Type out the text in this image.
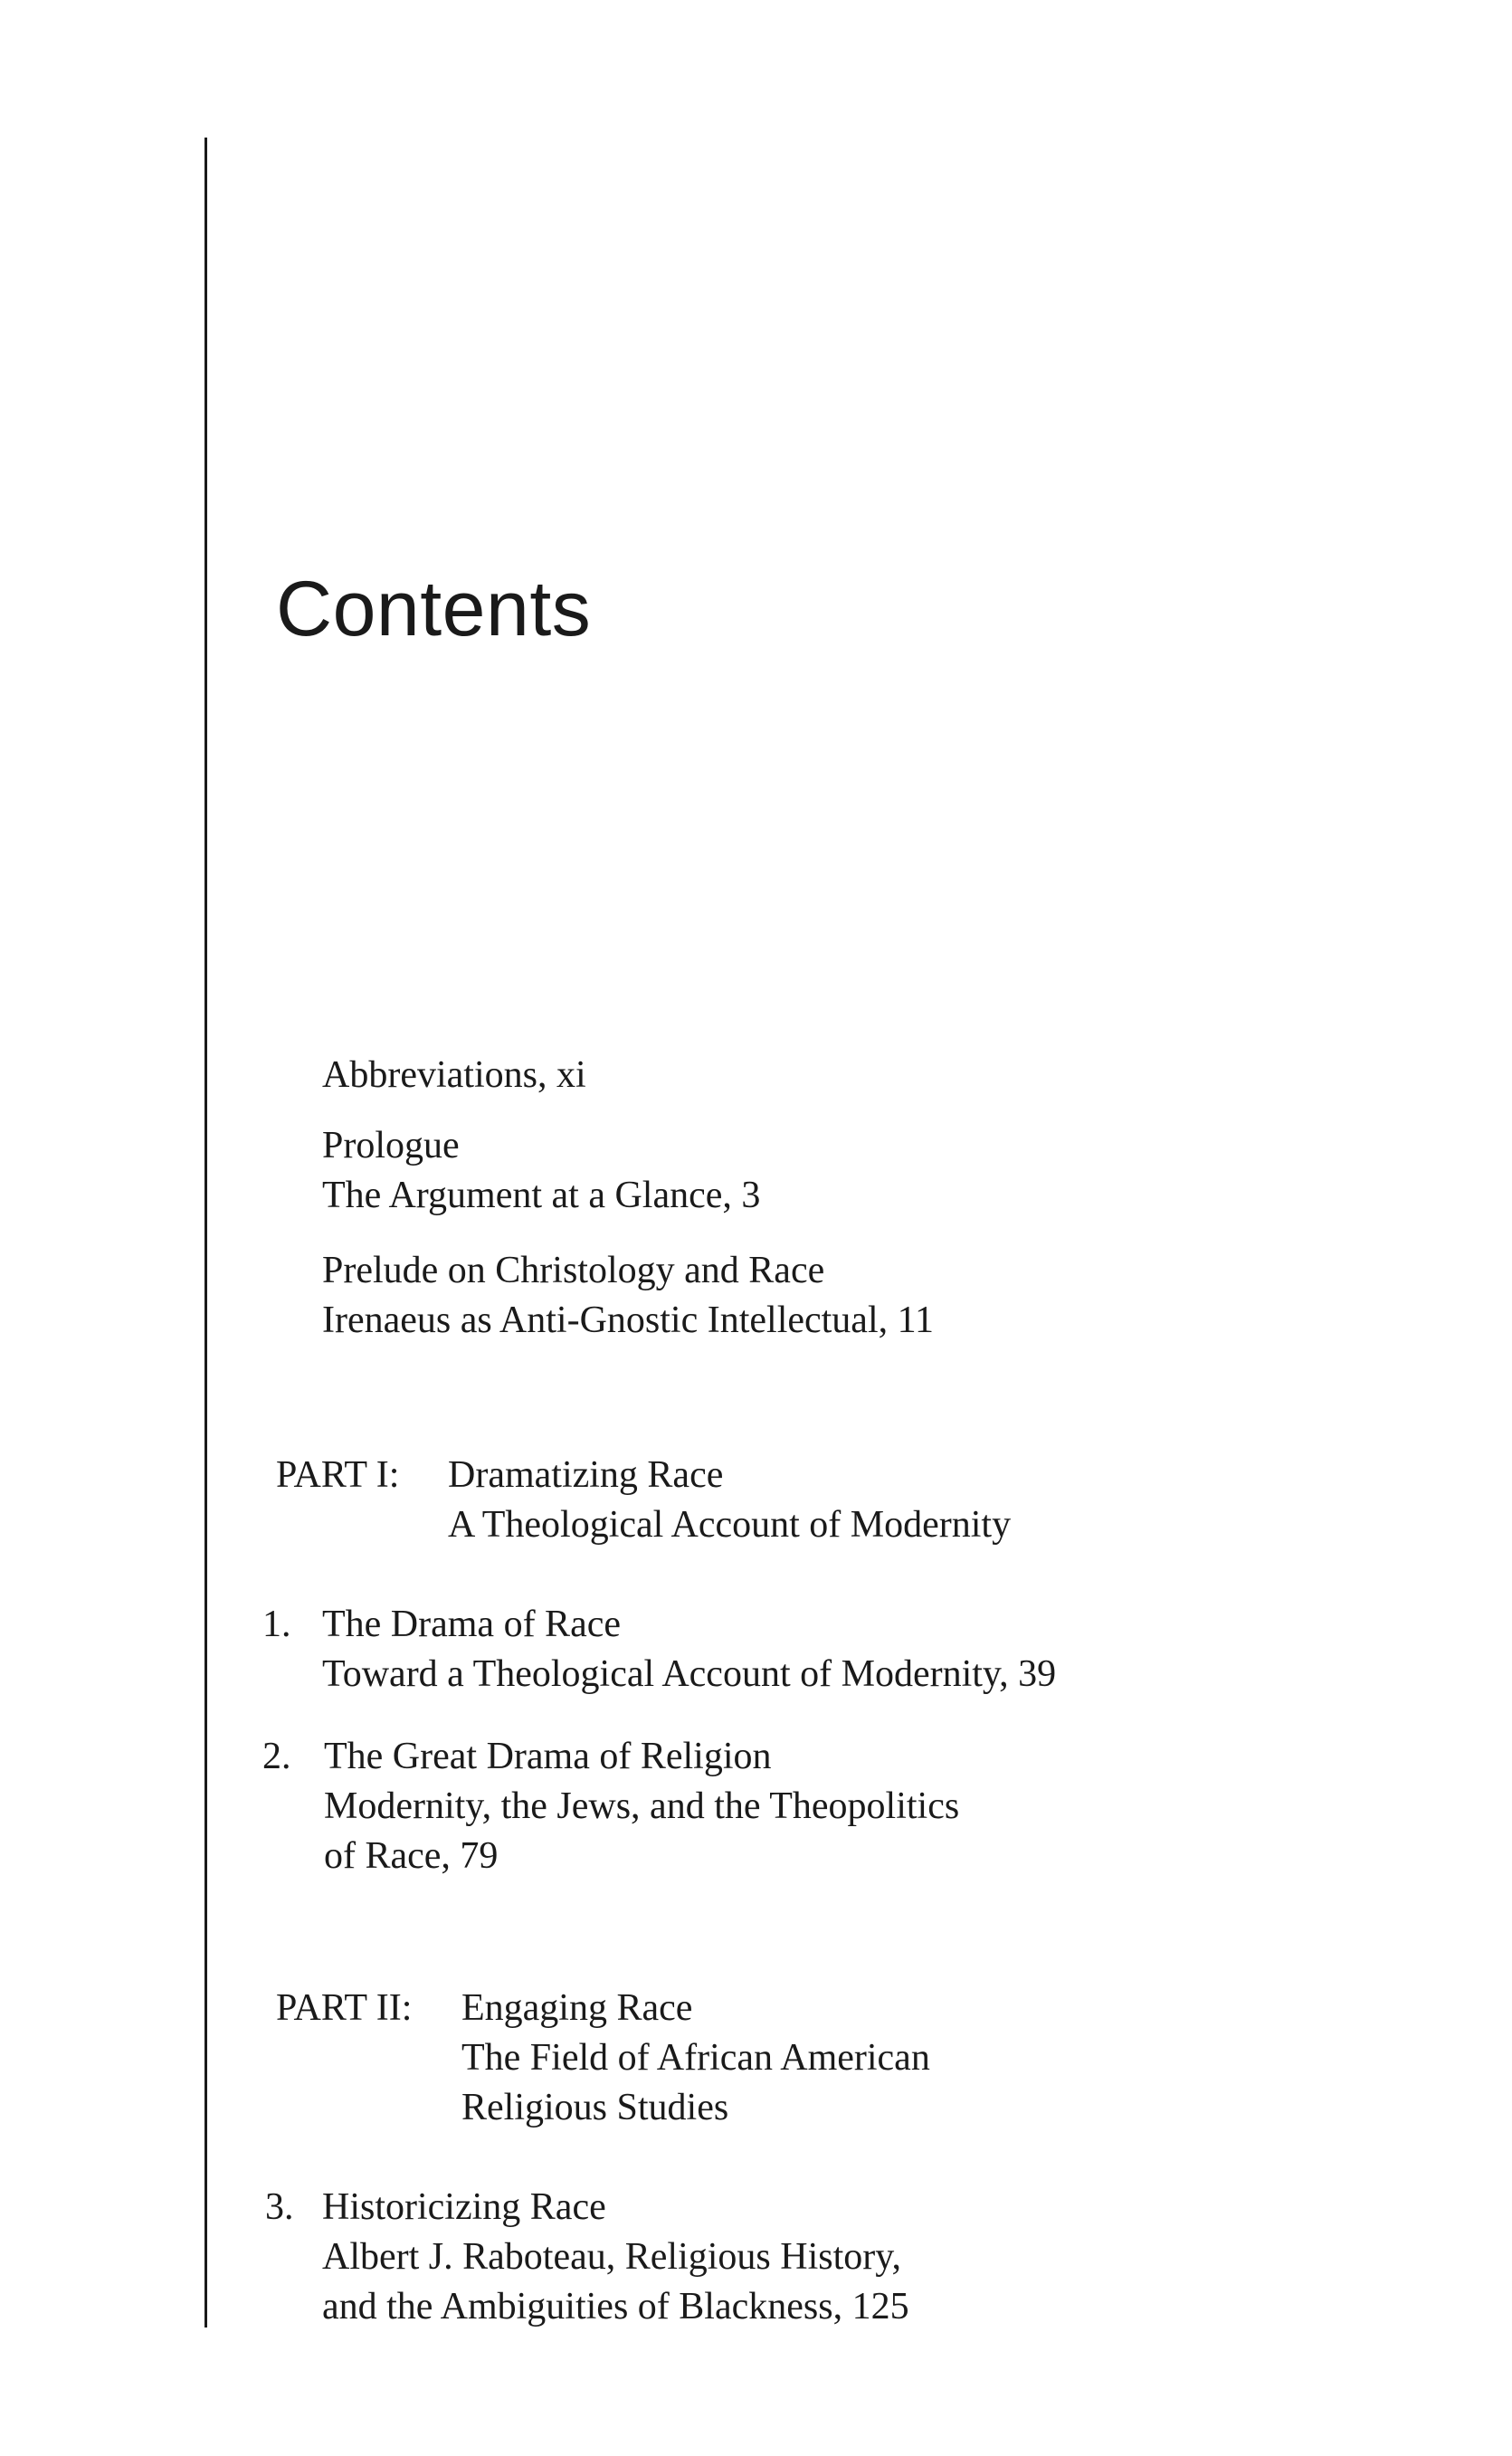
Contents
Abbreviations, xi
Prologue
The Argument at a Glance, 3
Prelude on Christology and Race
Irenaeus as Anti-Gnostic Intellectual, 11
PART I: Dramatizing Race
A Theological Account of Modernity
1. The Drama of Race
Toward a Theological Account of Modernity, 39
2. The Great Drama of Religion
Modernity, the Jews, and the Theopolitics
of Race, 79
PART II: Engaging Race
The Field of African American
Religious Studies
3. Historicizing Race
Albert J. Raboteau, Religious History,
and the Ambiguities of Blackness, 125
